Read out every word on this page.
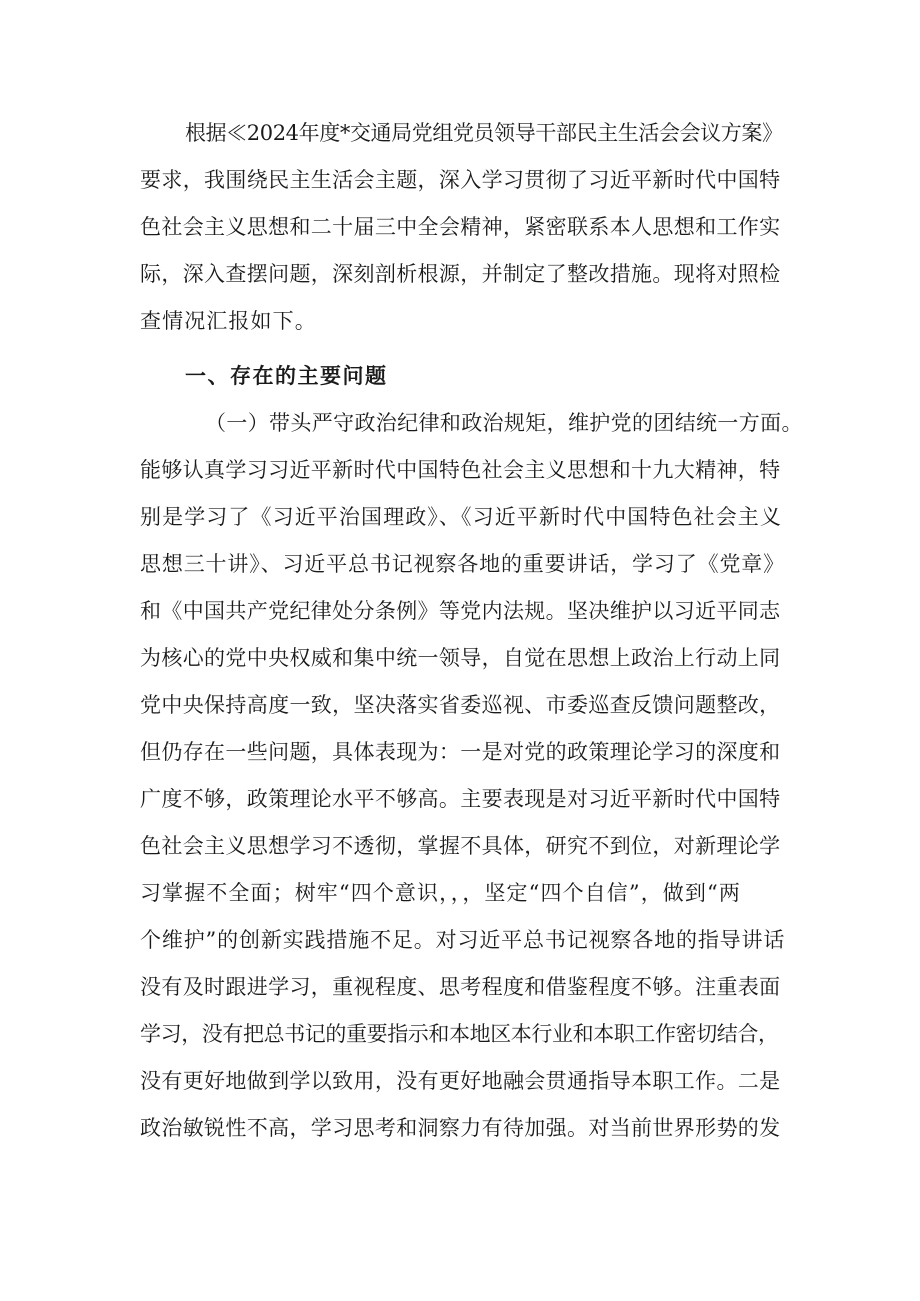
根据≪2024年度*交通局党组党员领导干部民主生活会会议方案》
要求，我围绕民主生活会主题，深入学习贯彻了习近平新时代中国特
色社会主义思想和二十届三中全会精神，紧密联系本人思想和工作实
际，深入查摆问题，深刻剖析根源，并制定了整改措施。现将对照检
查情况汇报如下。
一、存在的主要问题
（一）带头严守政治纪律和政治规矩，维护党的团结统一方面。
能够认真学习习近平新时代中国特色社会主义思想和十九大精神，特
别是学习了《习近平治国理政》、《习近平新时代中国特色社会主义
思想三十讲》、习近平总书记视察各地的重要讲话，学习了《党章》
和《中国共产党纪律处分条例》等党内法规。坚决维护以习近平同志
为核心的党中央权威和集中统一领导，自觉在思想上政治上行动上同
党中央保持高度一致，坚决落实省委巡视、市委巡查反馈问题整改，
但仍存在一些问题，具体表现为：一是对党的政策理论学习的深度和
广度不够，政策理论水平不够高。主要表现是对习近平新时代中国特
色社会主义思想学习不透彻，掌握不具体，研究不到位，对新理论学
习掌握不全面；树牢“四个意识，，，坚定“四个自信”，做到“两
个维护”的创新实践措施不足。对习近平总书记视察各地的指导讲话
没有及时跟进学习，重视程度、思考程度和借鉴程度不够。注重表面
学习，没有把总书记的重要指示和本地区本行业和本职工作密切结合，
没有更好地做到学以致用，没有更好地融会贯通指导本职工作。二是
政治敏锐性不高，学习思考和洞察力有待加强。对当前世界形势的发
